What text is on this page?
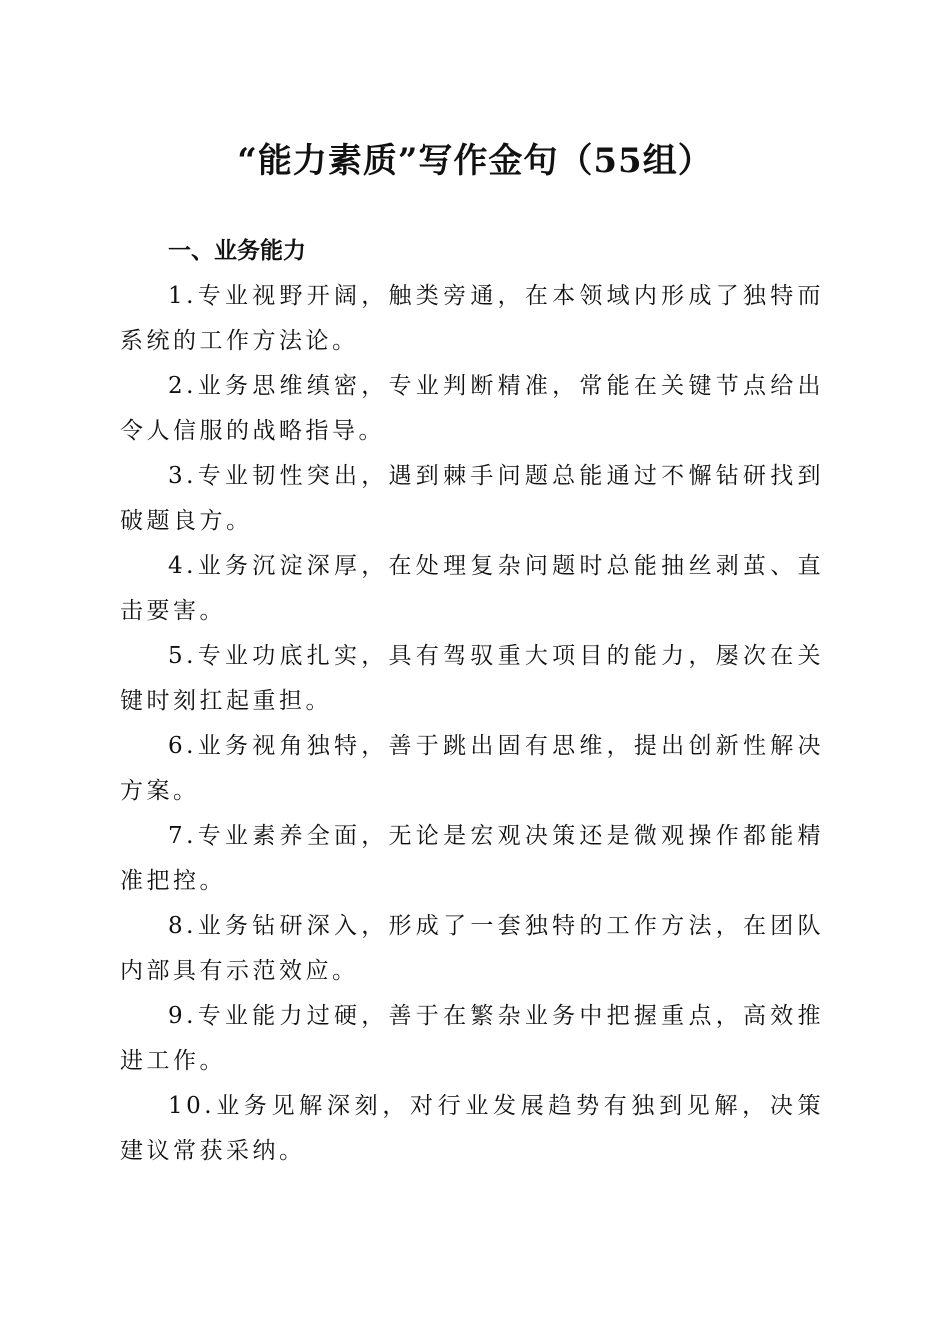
“能力素质”写作金句（55组）
一、业务能力

1.专业视野开阔，触类旁通，在本领域内形成了独特而系统的工作方法论。

2.业务思维缜密，专业判断精准，常能在关键节点给出令人信服的战略指导。

3.专业韧性突出，遇到棘手问题总能通过不懈钻研找到破题良方。

4.业务沉淀深厚，在处理复杂问题时总能抽丝剥茧、直击要害。

5.专业功底扎实，具有驾驭重大项目的能力，屡次在关键时刻扛起重担。

6.业务视角独特，善于跳出固有思维，提出创新性解决方案。

7.专业素养全面，无论是宏观决策还是微观操作都能精准把控。

8.业务钻研深入，形成了一套独特的工作方法，在团队内部具有示范效应。

9.专业能力过硬，善于在繁杂业务中把握重点，高效推进工作。

10.业务见解深刻，对行业发展趋势有独到见解，决策建议常获采纳。
